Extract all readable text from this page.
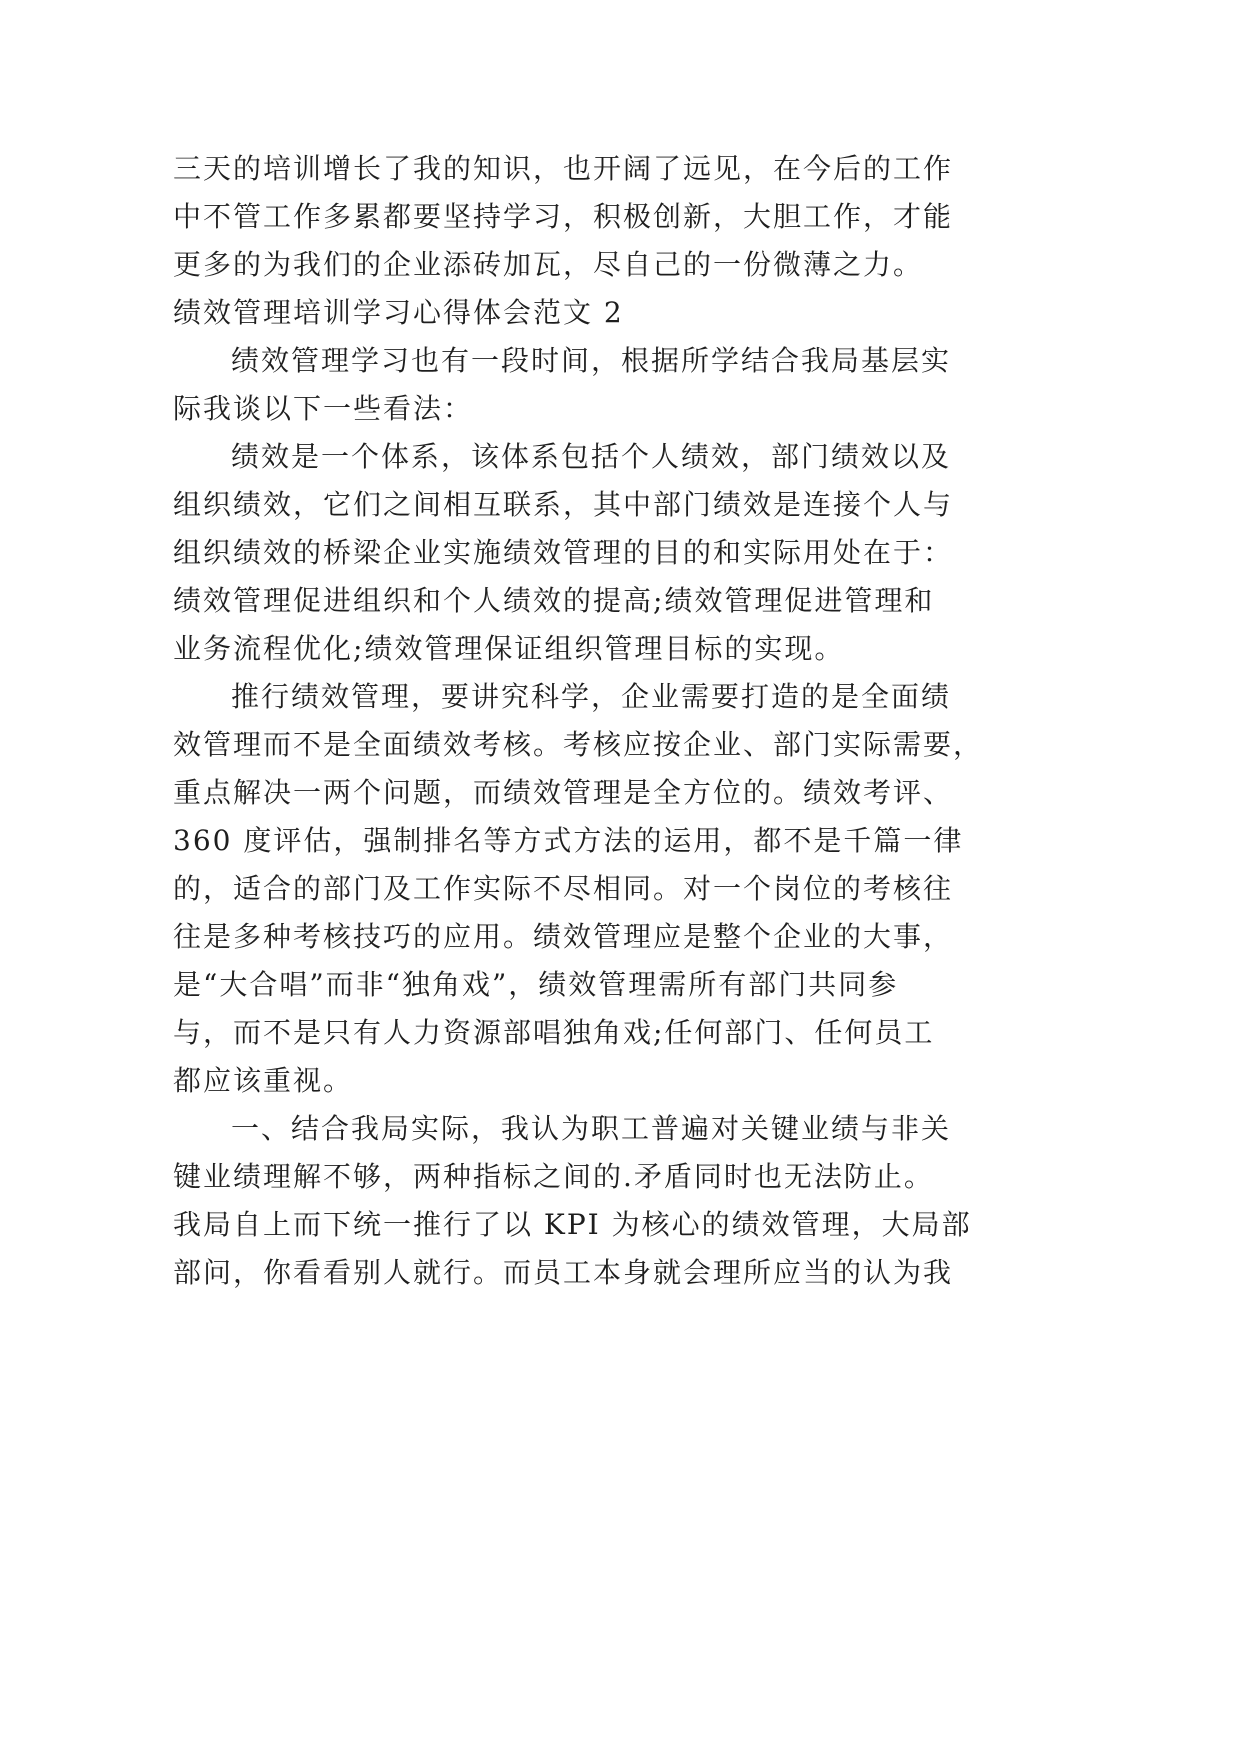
三天的培训增长了我的知识，也开阔了远见，在今后的工作
中不管工作多累都要坚持学习，积极创新，大胆工作，才能
更多的为我们的企业添砖加瓦，尽自己的一份微薄之力。
绩效管理培训学习心得体会范文 2
绩效管理学习也有一段时间，根据所学结合我局基层实
际我谈以下一些看法：
绩效是一个体系，该体系包括个人绩效，部门绩效以及
组织绩效，它们之间相互联系，其中部门绩效是连接个人与
组织绩效的桥梁企业实施绩效管理的目的和实际用处在于：
绩效管理促进组织和个人绩效的提高;绩效管理促进管理和
业务流程优化;绩效管理保证组织管理目标的实现。
推行绩效管理，要讲究科学，企业需要打造的是全面绩
效管理而不是全面绩效考核。考核应按企业、部门实际需要，
重点解决一两个问题，而绩效管理是全方位的。绩效考评、
360 度评估，强制排名等方式方法的运用，都不是千篇一律
的，适合的部门及工作实际不尽相同。对一个岗位的考核往
往是多种考核技巧的应用。绩效管理应是整个企业的大事，
是“大合唱”而非“独角戏”，绩效管理需所有部门共同参
与，而不是只有人力资源部唱独角戏;任何部门、任何员工
都应该重视。
一、结合我局实际，我认为职工普遍对关键业绩与非关
键业绩理解不够，两种指标之间的.矛盾同时也无法防止。
我局自上而下统一推行了以 KPI 为核心的绩效管理，大局部
部问，你看看别人就行。而员工本身就会理所应当的认为我
